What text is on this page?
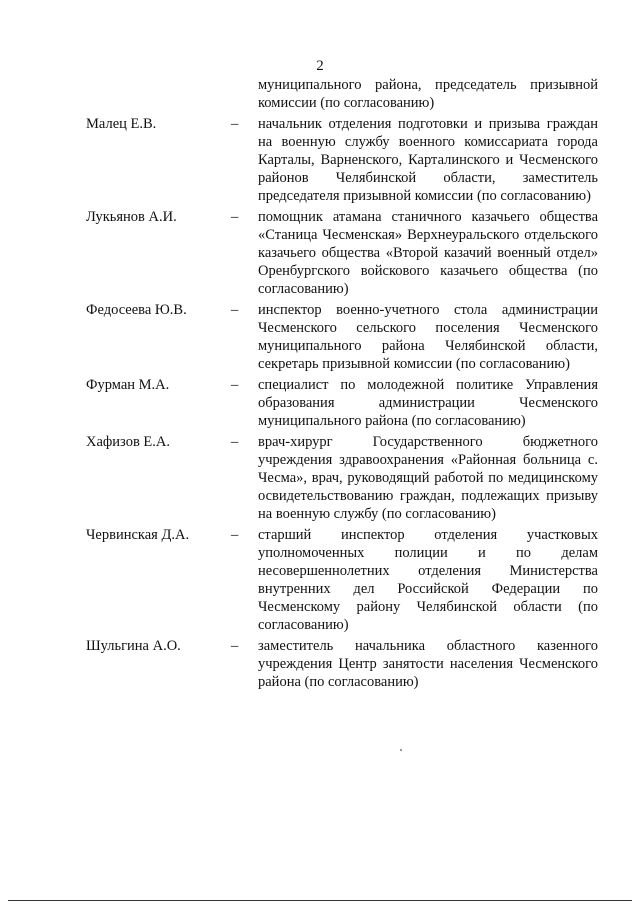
2
муниципального района, председатель призывной комиссии (по согласованию)
Малец Е.В.	– начальник отделения подготовки и призыва граждан на военную службу военного комиссариата города Карталы, Варненского, Карталинского и Чесменского районов Челябинской области, заместитель председателя призывной комиссии (по согласованию)
Лукьянов А.И.	– помощник атамана станичного казачьего общества «Станица Чесменская» Верхнеуральского отдельского казачьего общества «Второй казачий военный отдел» Оренбургского войскового казачьего общества (по согласованию)
Федосеева Ю.В.	– инспектор военно-учетного стола администрации Чесменского сельского поселения Чесменского муниципального района Челябинской области, секретарь призывной комиссии (по согласованию)
Фурман М.А.	– специалист по молодежной политике Управления образования администрации Чесменского муниципального района (по согласованию)
Хафизов Е.А.	– врач-хирург Государственного бюджетного учреждения здравоохранения «Районная больница с. Чесма», врач, руководящий работой по медицинскому освидетельствованию граждан, подлежащих призыву на военную службу (по согласованию)
Червинская Д.А.	– старший инспектор отделения участковых уполномоченных полиции и по делам несовершеннолетних отделения Министерства внутренних дел Российской Федерации по Чесменскому району Челябинской области (по согласованию)
Шульгина А.О.	– заместитель начальника областного казенного учреждения Центр занятости населения Чесменского района (по согласованию)
